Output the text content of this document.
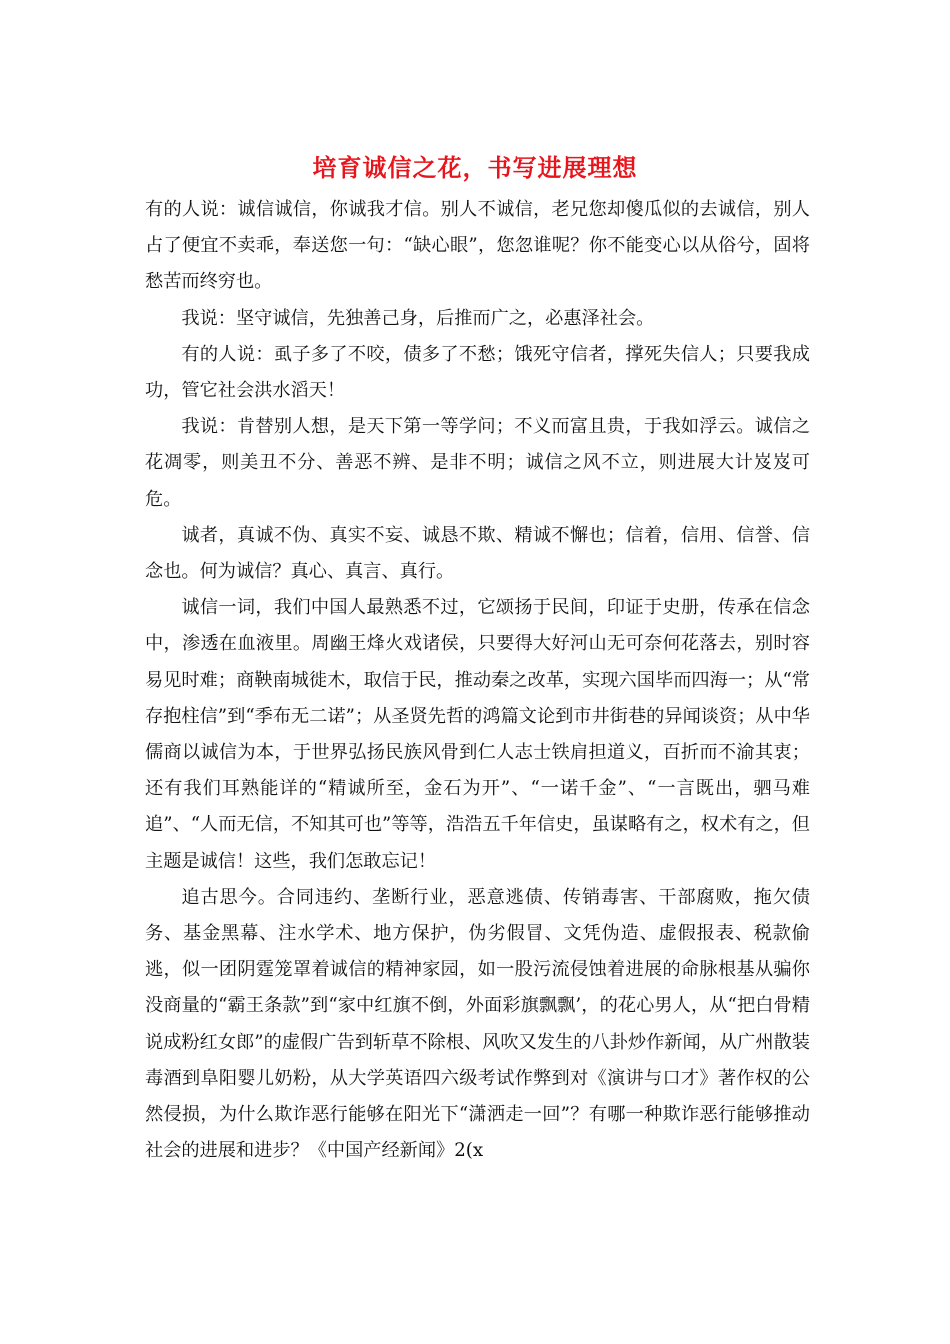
培育诚信之花，书写进展理想

有的人说：诚信诚信，你诚我才信。别人不诚信，老兄您却傻瓜似的去诚信，别人占了便宜不卖乖，奉送您一句：“缺心眼”，您忽谁呢？你不能变心以从俗兮，固将愁苦而终穷也。

我说：坚守诚信，先独善己身，后推而广之，必惠泽社会。

有的人说：虱子多了不咬，债多了不愁；饿死守信者，撑死失信人；只要我成功，管它社会洪水滔天！

我说：肯替别人想，是天下第一等学问；不义而富且贵，于我如浮云。诚信之花凋零，则美丑不分、善恶不辨、是非不明；诚信之风不立，则进展大计岌岌可危。

诚者，真诚不伪、真实不妄、诚恳不欺、精诚不懈也；信着，信用、信誉、信念也。何为诚信？真心、真言、真行。

诚信一词，我们中国人最熟悉不过，它颂扬于民间，印证于史册，传承在信念中，渗透在血液里。周幽王烽火戏诸侯，只要得大好河山无可奈何花落去，别时容易见时难；商鞅南城徙木，取信于民，推动秦之改革，实现六国毕而四海一；从“常存抱柱信”到“季布无二诺”；从圣贤先哲的鸿篇文论到市井街巷的异闻谈资；从中华儒商以诚信为本，于世界弘扬民族风骨到仁人志士铁肩担道义，百折而不渝其衷；还有我们耳熟能详的“精诚所至，金石为开”、“一诺千金”、“一言既出，驷马难追”、“人而无信，不知其可也”等等，浩浩五千年信史，虽谋略有之，权术有之，但主题是诚信！这些，我们怎敢忘记！

追古思今。合同违约、垄断行业，恶意逃债、传销毒害、干部腐败，拖欠债务、基金黑幕、注水学术、地方保护，伪劣假冒、文凭伪造、虚假报表、税款偷逃，似一团阴霆笼罩着诚信的精神家园，如一股污流侵蚀着进展的命脉根基从骗你没商量的“霸王条款”到“家中红旗不倒，外面彩旗飘飘’，的花心男人，从“把白骨精说成粉红女郎”的虚假广告到斩草不除根、风吹又发生的八卦炒作新闻，从广州散装毒酒到阜阳婴儿奶粉，从大学英语四六级考试作弊到对《演讲与口才》著作权的公然侵损，为什么欺诈恶行能够在阳光下“潇洒走一回”？有哪一种欺诈恶行能够推动社会的进展和进步？《中国产经新闻》2(x
